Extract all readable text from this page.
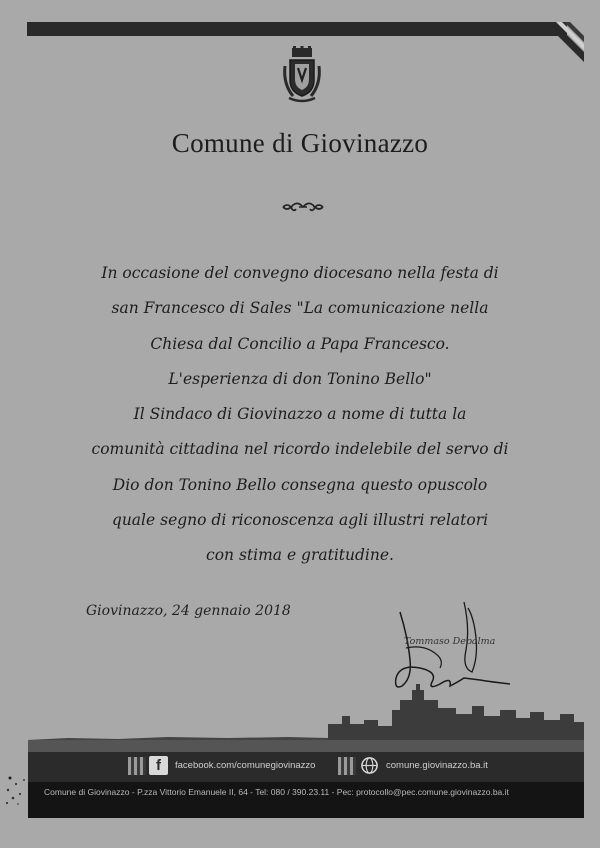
Comune di Giovinazzo
In occasione del convegno diocesano nella festa di
san Francesco di Sales "La comunicazione nella
Chiesa dal Concilio a Papa Francesco.
L'esperienza di don Tonino Bello"
Il Sindaco di Giovinazzo a nome di tutta la
comunità cittadina nel ricordo indelebile del servo di
Dio don Tonino Bello consegna questo opuscolo
quale segno di riconoscenza agli illustri relatori
con stima e gratitudine.
Giovinazzo, 24 gennaio 2018
Tommaso Depalma
f	facebook.com/comunegiovinazzo	comune.giovinazzo.ba.it
Comune di Giovinazzo - P.zza Vittorio Emanuele II, 64 - Tel: 080 / 390.23.11 - Pec: protocollo@pec.comune.giovinazzo.ba.it
